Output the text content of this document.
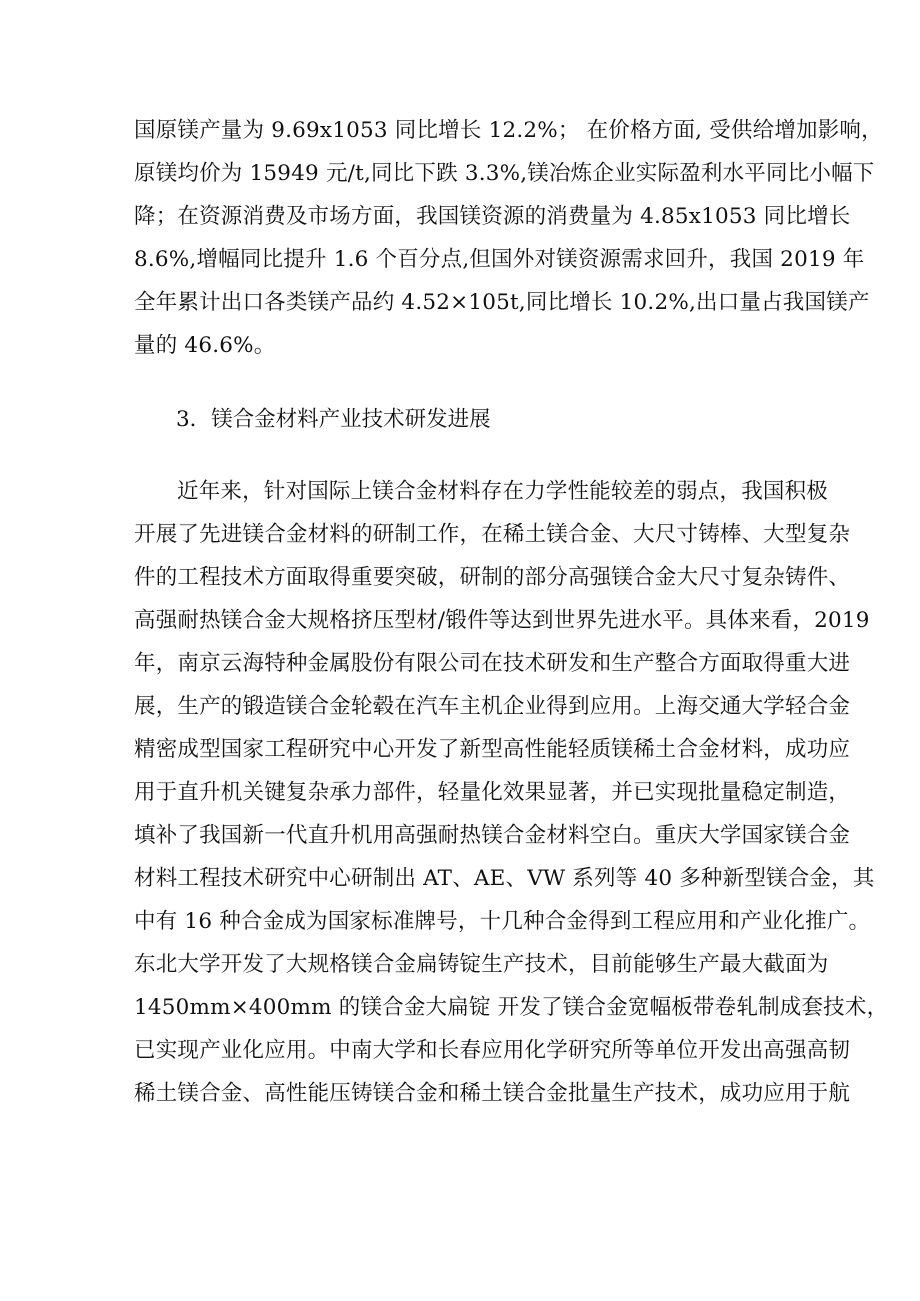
国原镁产量为 9.69x1053 同比增长 12.2%； 在价格方面, 受供给增加影响，
原镁均价为 15949 元/t,同比下跌 3.3%,镁冶炼企业实际盈利水平同比小幅下
降；在资源消费及市场方面，我国镁资源的消费量为 4.85x1053 同比增长
8.6%,增幅同比提升 1.6 个百分点,但国外对镁资源需求回升，我国 2019 年
全年累计出口各类镁产品约 4.52×105t,同比增长 10.2%,出口量占我国镁产
量的 46.6%。
3．镁合金材料产业技术研发进展
近年来，针对国际上镁合金材料存在力学性能较差的弱点，我国积极
开展了先进镁合金材料的研制工作，在稀土镁合金、大尺寸铸棒、大型复杂
件的工程技术方面取得重要突破，研制的部分高强镁合金大尺寸复杂铸件、
高强耐热镁合金大规格挤压型材/锻件等达到世界先进水平。具体来看，2019
年，南京云海特种金属股份有限公司在技术研发和生产整合方面取得重大进
展，生产的锻造镁合金轮毂在汽车主机企业得到应用。上海交通大学轻合金
精密成型国家工程研究中心开发了新型高性能轻质镁稀土合金材料，成功应
用于直升机关键复杂承力部件，轻量化效果显著，并已实现批量稳定制造，
填补了我国新一代直升机用高强耐热镁合金材料空白。重庆大学国家镁合金
材料工程技术研究中心研制出 AT、AE、VW 系列等 40 多种新型镁合金，其
中有 16 种合金成为国家标准牌号，十几种合金得到工程应用和产业化推广。
东北大学开发了大规格镁合金扁铸锭生产技术，目前能够生产最大截面为
1450mm×400mm 的镁合金大扁锭 开发了镁合金宽幅板带卷轧制成套技术，
已实现产业化应用。中南大学和长春应用化学研究所等单位开发出高强高韧
稀土镁合金、高性能压铸镁合金和稀土镁合金批量生产技术，成功应用于航
